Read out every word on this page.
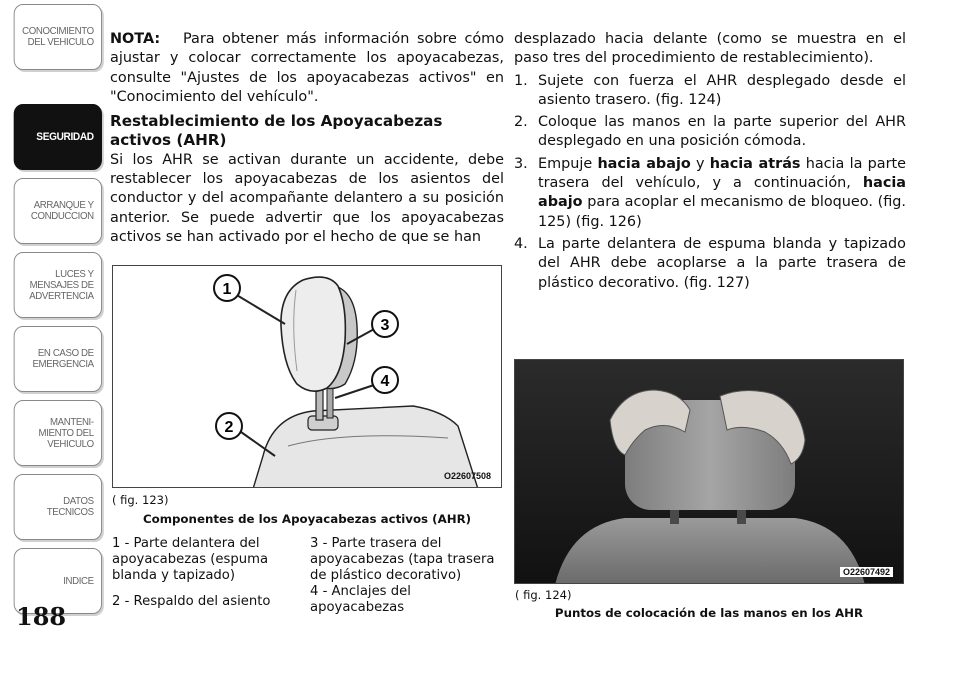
CONOCIMIENTO DEL VEHICULO
SEGURIDAD
ARRANQUE Y CONDUCCION
LUCES Y MENSAJES DE ADVERTENCIA
EN CASO DE EMERGENCIA
MANTENI- MIENTO DEL VEHICULO
DATOS TECNICOS
INDICE
188

NOTA: Para obtener más información sobre cómo ajustar y colocar correctamente los apoyacabezas, consulte "Ajustes de los apoyacabezas activos" en "Conocimiento del vehículo".

Restablecimiento de los Apoyacabezas activos (AHR)

Si los AHR se activan durante un accidente, debe restablecer los apoyacabezas de los asientos del conductor y del acompañante delantero a su posición anterior. Se puede advertir que los apoyacabezas activos se han activado por el hecho de que se han

1
3
4
2
O22607508
( fig. 123)
Componentes de los Apoyacabezas activos (AHR)

1 - Parte delantera del apoyacabezas (espuma blanda y tapizado)

2 - Respaldo del asiento

3 - Parte trasera del apoyacabezas (tapa trasera de plástico decorativo)

4 - Anclajes del apoyacabezas

desplazado hacia delante (como se muestra en el paso tres del procedimiento de restablecimiento).

1. Sujete con fuerza el AHR desplegado desde el asiento trasero. (fig. 124)
2. Coloque las manos en la parte superior del AHR desplegado en una posición cómoda.
3. Empuje hacia abajo y hacia atrás hacia la parte trasera del vehículo, y a continuación, hacia abajo para acoplar el mecanismo de bloqueo. (fig. 125) (fig. 126)
4. La parte delantera de espuma blanda y tapizado del AHR debe acoplarse a la parte trasera de plástico decorativo. (fig. 127)
O22607492
( fig. 124)
Puntos de colocación de las manos en los AHR
